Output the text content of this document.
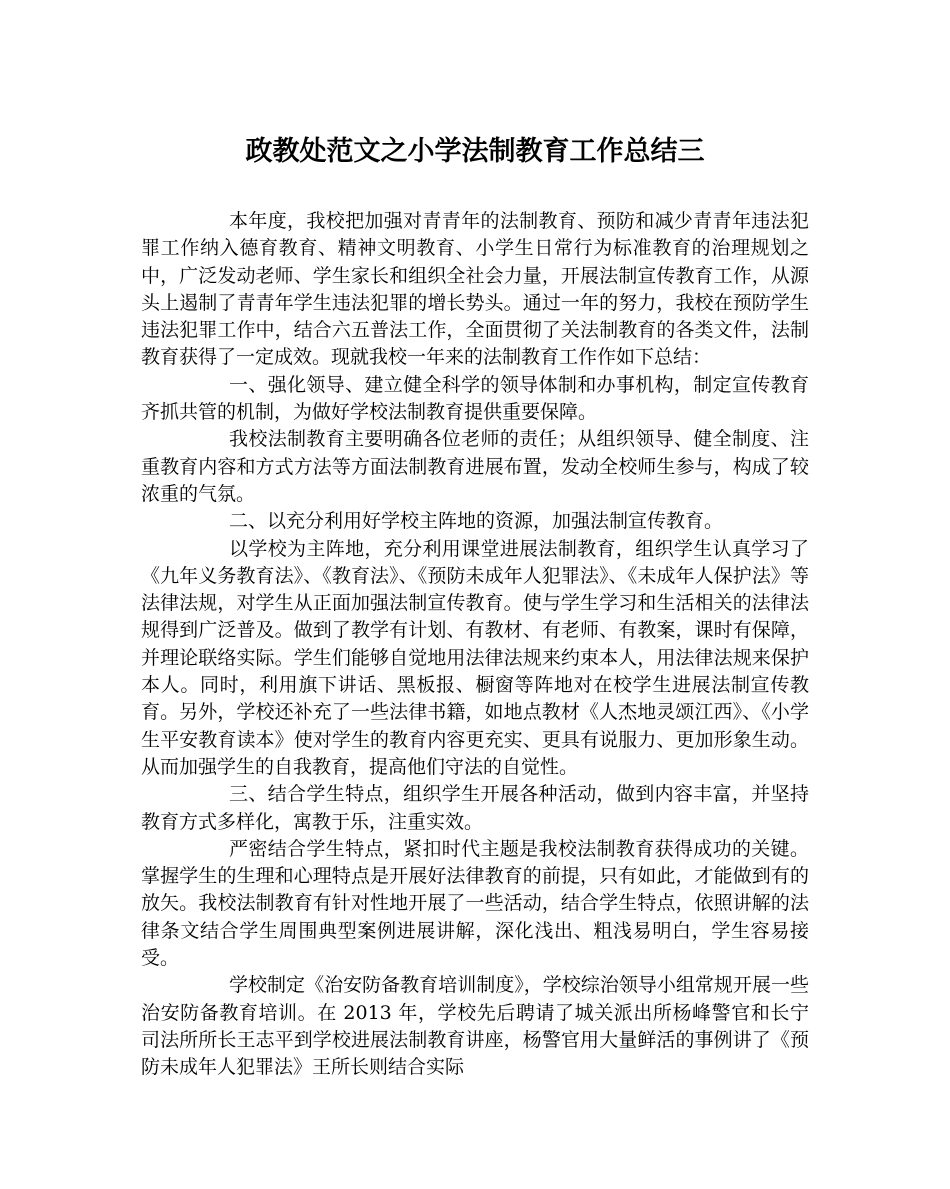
政教处范文之小学法制教育工作总结三

本年度，我校把加强对青青年的法制教育、预防和减少青青年违法犯罪工作纳入德育教育、精神文明教育、小学生日常行为标准教育的治理规划之中，广泛发动老师、学生家长和组织全社会力量，开展法制宣传教育工作，从源头上遏制了青青年学生违法犯罪的增长势头。通过一年的努力，我校在预防学生违法犯罪工作中，结合六五普法工作，全面贯彻了关法制教育的各类文件，法制教育获得了一定成效。现就我校一年来的法制教育工作作如下总结：

一、强化领导、建立健全科学的领导体制和办事机构，制定宣传教育齐抓共管的机制，为做好学校法制教育提供重要保障。

我校法制教育主要明确各位老师的责任；从组织领导、健全制度、注重教育内容和方式方法等方面法制教育进展布置，发动全校师生参与，构成了较浓重的气氛。

二、以充分利用好学校主阵地的资源，加强法制宣传教育。

以学校为主阵地，充分利用课堂进展法制教育，组织学生认真学习了《九年义务教育法》、《教育法》、《预防未成年人犯罪法》、《未成年人保护法》等法律法规，对学生从正面加强法制宣传教育。使与学生学习和生活相关的法律法规得到广泛普及。做到了教学有计划、有教材、有老师、有教案，课时有保障，并理论联络实际。学生们能够自觉地用法律法规来约束本人，用法律法规来保护本人。同时，利用旗下讲话、黑板报、橱窗等阵地对在校学生进展法制宣传教育。另外，学校还补充了一些法律书籍，如地点教材《人杰地灵颂江西》、《小学生平安教育读本》使对学生的教育内容更充实、更具有说服力、更加形象生动。从而加强学生的自我教育，提高他们守法的自觉性。

三、结合学生特点，组织学生开展各种活动，做到内容丰富，并坚持教育方式多样化，寓教于乐，注重实效。

严密结合学生特点，紧扣时代主题是我校法制教育获得成功的关键。掌握学生的生理和心理特点是开展好法律教育的前提，只有如此，才能做到有的放矢。我校法制教育有针对性地开展了一些活动，结合学生特点，依照讲解的法律条文结合学生周围典型案例进展讲解，深化浅出、粗浅易明白，学生容易接受。

学校制定《治安防备教育培训制度》，学校综治领导小组常规开展一些治安防备教育培训。在 2013 年，学校先后聘请了城关派出所杨峰警官和长宁司法所所长王志平到学校进展法制教育讲座，杨警官用大量鲜活的事例讲了《预防未成年人犯罪法》王所长则结合实际
